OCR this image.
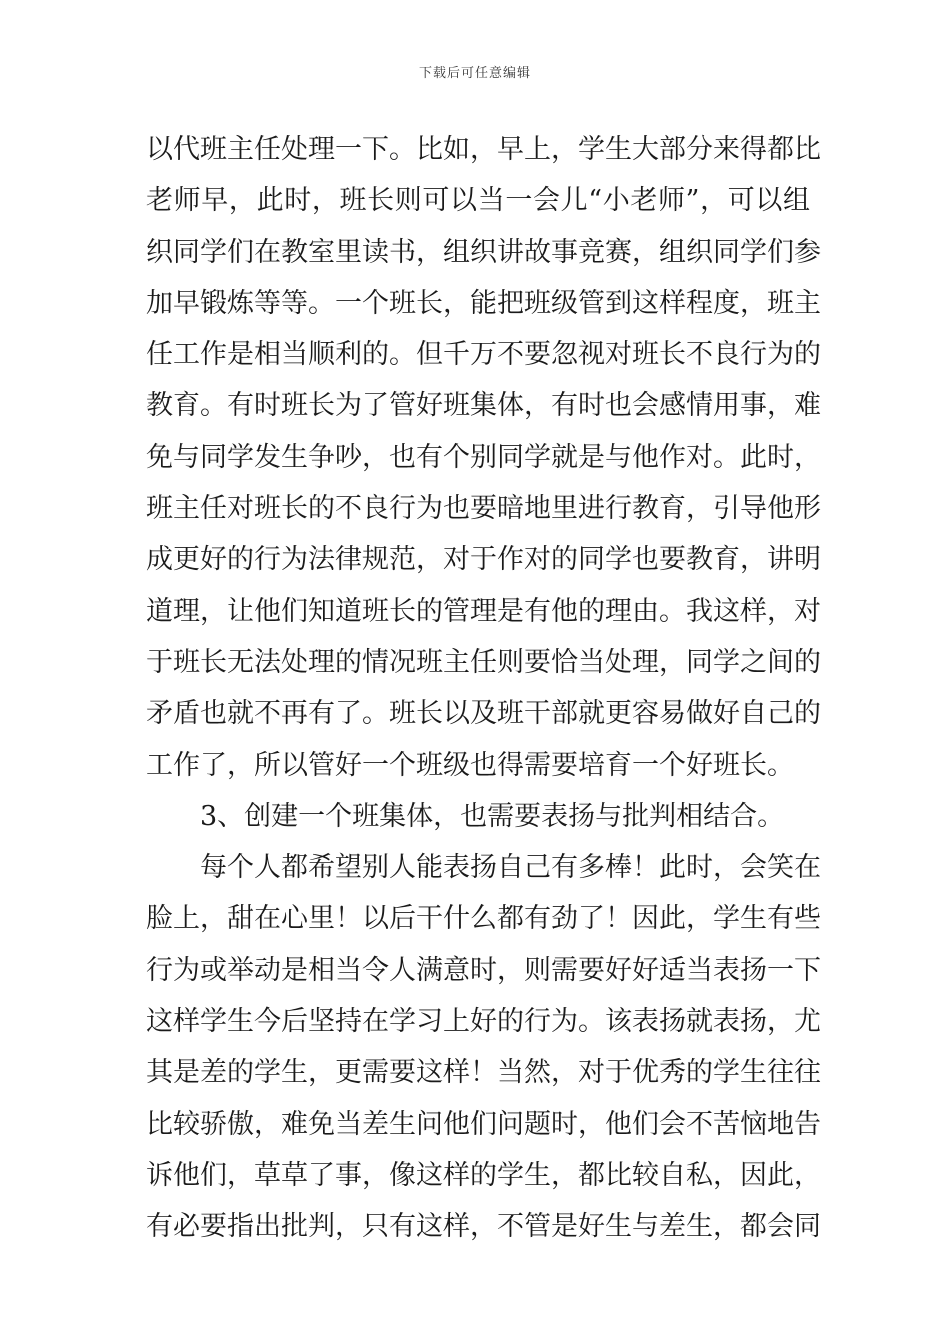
下载后可任意编辑
以代班主任处理一下。比如，早上，学生大部分来得都比
老师早，此时，班长则可以当一会儿“小老师”，可以组
织同学们在教室里读书，组织讲故事竞赛，组织同学们参
加早锻炼等等。一个班长，能把班级管到这样程度，班主
任工作是相当顺利的。但千万不要忽视对班长不良行为的
教育。有时班长为了管好班集体，有时也会感情用事，难
免与同学发生争吵，也有个别同学就是与他作对。此时，
班主任对班长的不良行为也要暗地里进行教育，引导他形
成更好的行为法律规范，对于作对的同学也要教育，讲明
道理，让他们知道班长的管理是有他的理由。我这样，对
于班长无法处理的情况班主任则要恰当处理，同学之间的
矛盾也就不再有了。班长以及班干部就更容易做好自己的
工作了，所以管好一个班级也得需要培育一个好班长。
3、创建一个班集体，也需要表扬与批判相结合。
每个人都希望别人能表扬自己有多棒！此时，会笑在
脸上，甜在心里！以后干什么都有劲了！因此，学生有些
行为或举动是相当令人满意时，则需要好好适当表扬一下
这样学生今后坚持在学习上好的行为。该表扬就表扬，尤
其是差的学生，更需要这样！当然，对于优秀的学生往往
比较骄傲，难免当差生问他们问题时，他们会不苦恼地告
诉他们，草草了事，像这样的学生，都比较自私，因此，
有必要指出批判，只有这样，不管是好生与差生，都会同
